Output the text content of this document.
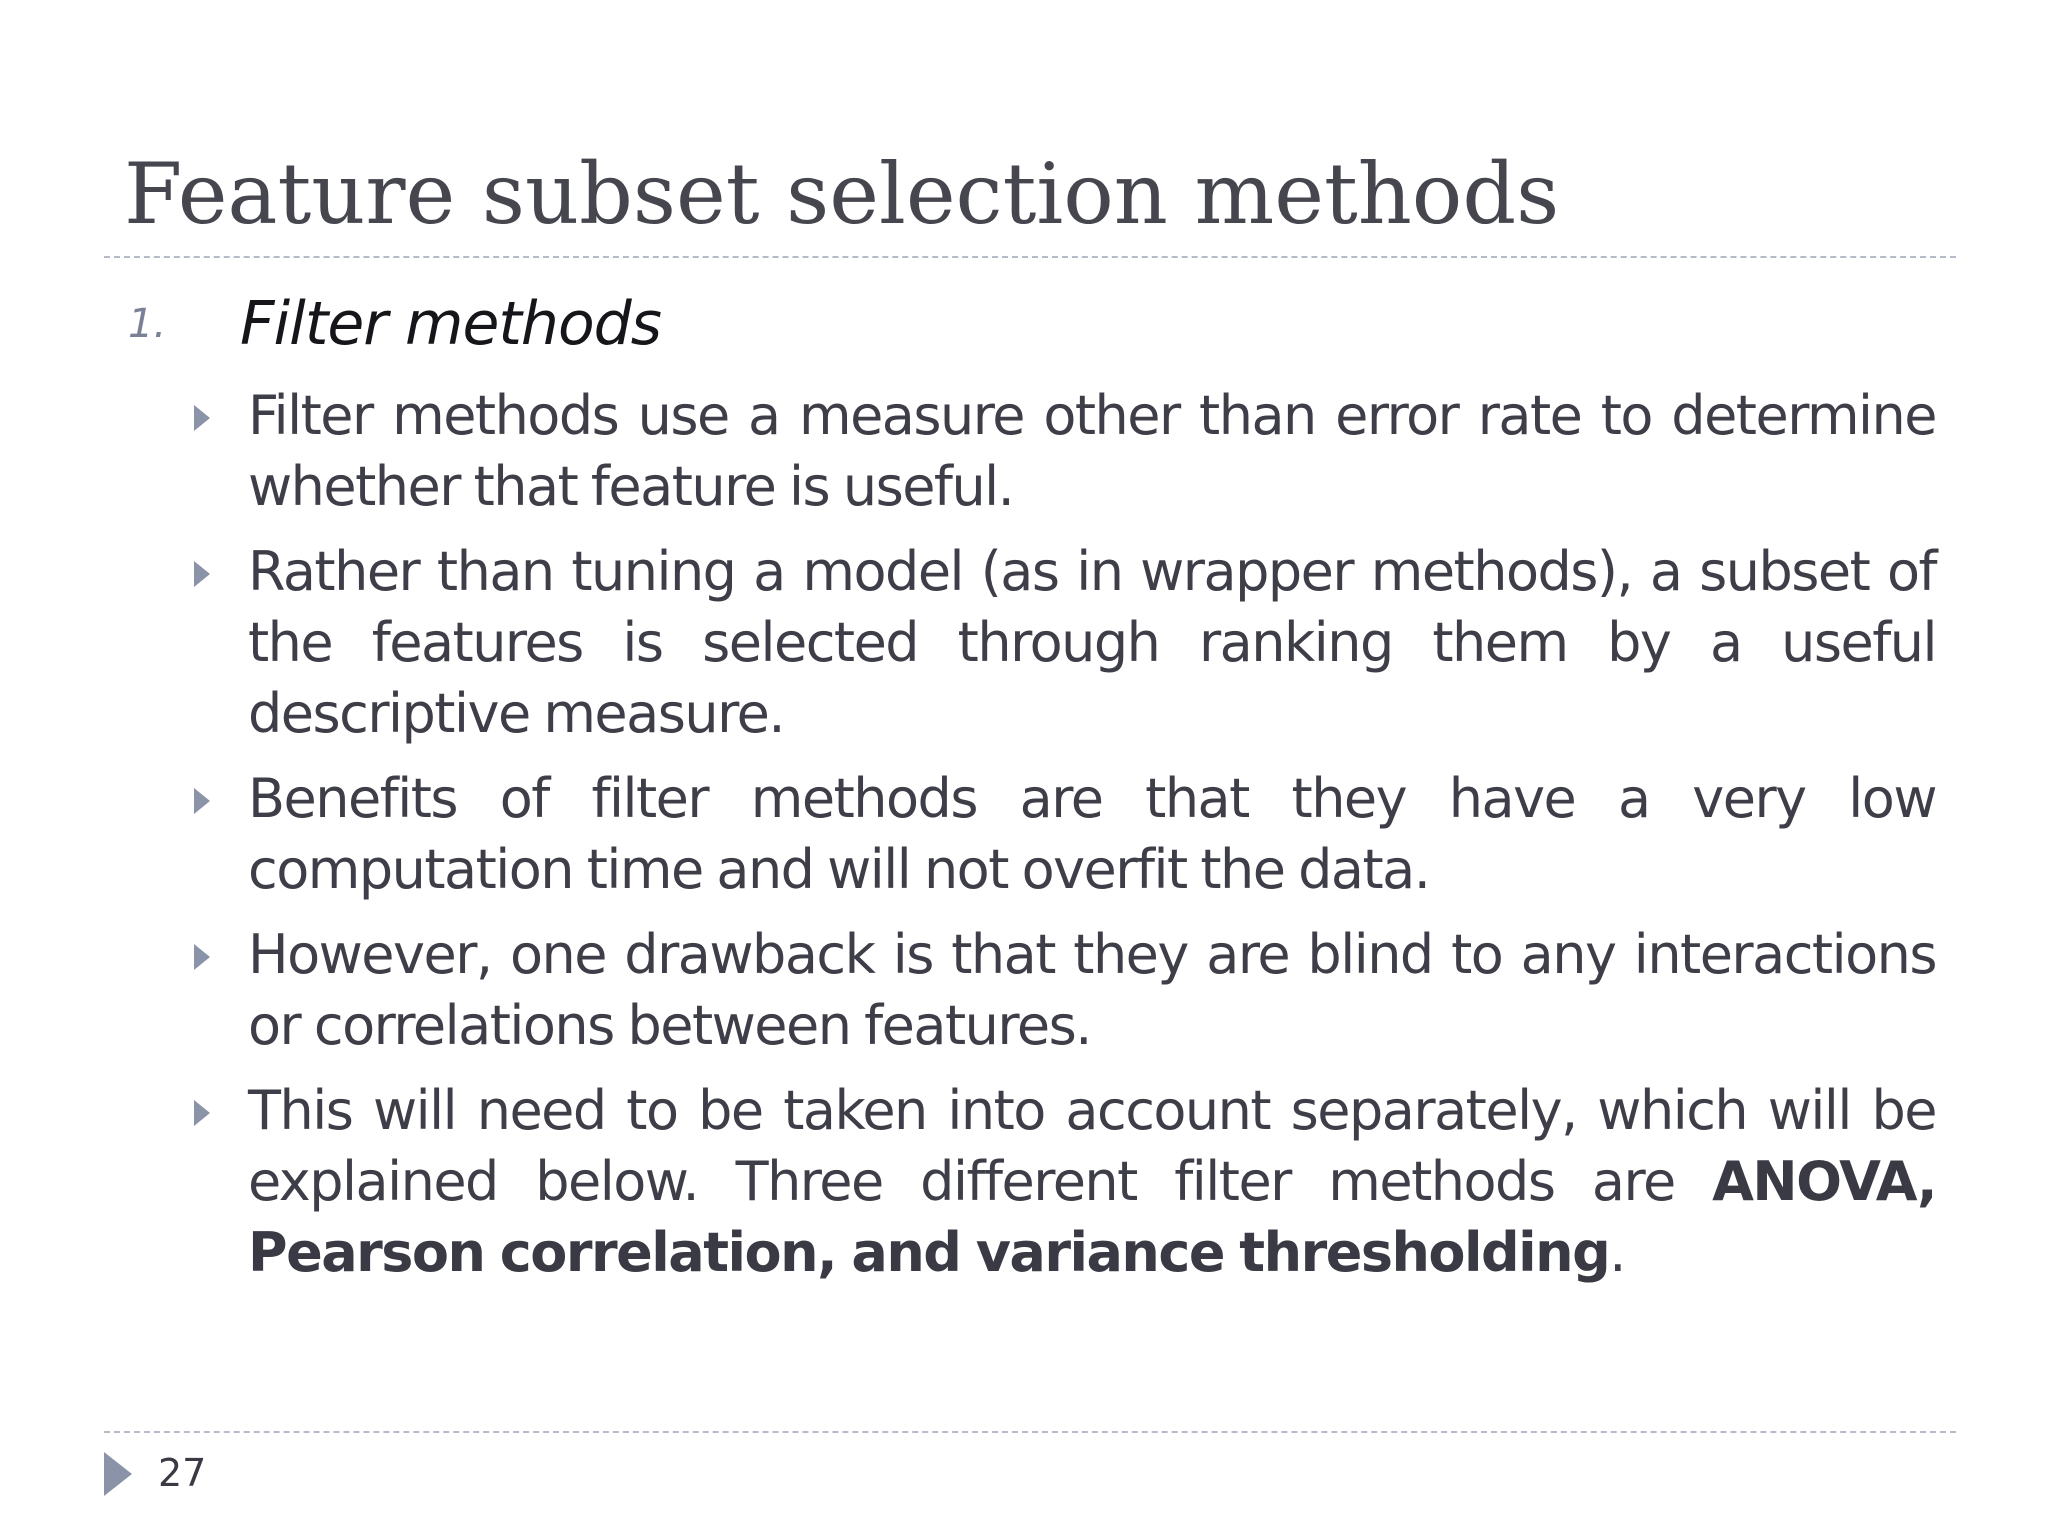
Feature subset selection methods
1. Filter methods
Filter methods use a measure other than error rate to determine whether that feature is useful.
Rather than tuning a model (as in wrapper methods), a subset of the features is selected through ranking them by a useful descriptive measure.
Benefits of filter methods are that they have a very low computation time and will not overfit the data.
However, one drawback is that they are blind to any interactions or correlations between features.
This will need to be taken into account separately, which will be explained below. Three different filter methods are ANOVA, Pearson correlation, and variance thresholding.
27
